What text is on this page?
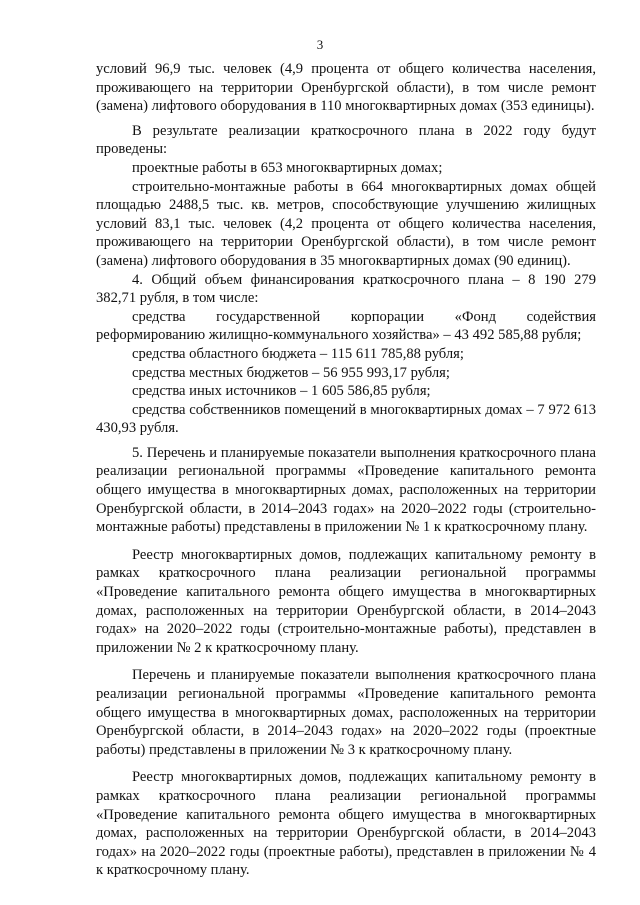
3

условий 96,9 тыс. человек (4,9 процента от общего количества населения, проживающего на территории Оренбургской области), в том числе ремонт (замена) лифтового оборудования в 110 многоквартирных домах (353 единицы).

В результате реализации краткосрочного плана в 2022 году будут проведены:

проектные работы в 653 многоквартирных домах;

строительно-монтажные работы в 664 многоквартирных домах общей площадью 2488,5 тыс. кв. метров, способствующие улучшению жилищных условий 83,1 тыс. человек (4,2 процента от общего количества населения, проживающего на территории Оренбургской области), в том числе ремонт (замена) лифтового оборудования в 35 многоквартирных домах (90 единиц).

4. Общий объем финансирования краткосрочного плана – 8 190 279 382,71 рубля, в том числе:

средства государственной корпорации «Фонд содействия реформированию жилищно-коммунального хозяйства» – 43 492 585,88 рубля;

средства областного бюджета – 115 611 785,88 рубля;

средства местных бюджетов – 56 955 993,17 рубля;

средства иных источников – 1 605 586,85 рубля;

средства собственников помещений в многоквартирных домах – 7 972 613 430,93 рубля.

5. Перечень и планируемые показатели выполнения краткосрочного плана реализации региональной программы «Проведение капитального ремонта общего имущества в многоквартирных домах, расположенных на территории Оренбургской области, в 2014–2043 годах» на 2020–2022 годы (строительно-монтажные работы) представлены в приложении № 1 к краткосрочному плану.

Реестр многоквартирных домов, подлежащих капитальному ремонту в рамках краткосрочного плана реализации региональной программы «Проведение капитального ремонта общего имущества в многоквартирных домах, расположенных на территории Оренбургской области, в 2014–2043 годах» на 2020–2022 годы (строительно-монтажные работы), представлен в приложении № 2 к краткосрочному плану.

Перечень и планируемые показатели выполнения краткосрочного плана реализации региональной программы «Проведение капитального ремонта общего имущества в многоквартирных домах, расположенных на территории Оренбургской области, в 2014–2043 годах» на 2020–2022 годы (проектные работы) представлены в приложении № 3 к краткосрочному плану.

Реестр многоквартирных домов, подлежащих капитальному ремонту в рамках краткосрочного плана реализации региональной программы «Проведение капитального ремонта общего имущества в многоквартирных домах, расположенных на территории Оренбургской области, в 2014–2043 годах» на 2020–2022 годы (проектные работы), представлен в приложении № 4 к краткосрочному плану.
